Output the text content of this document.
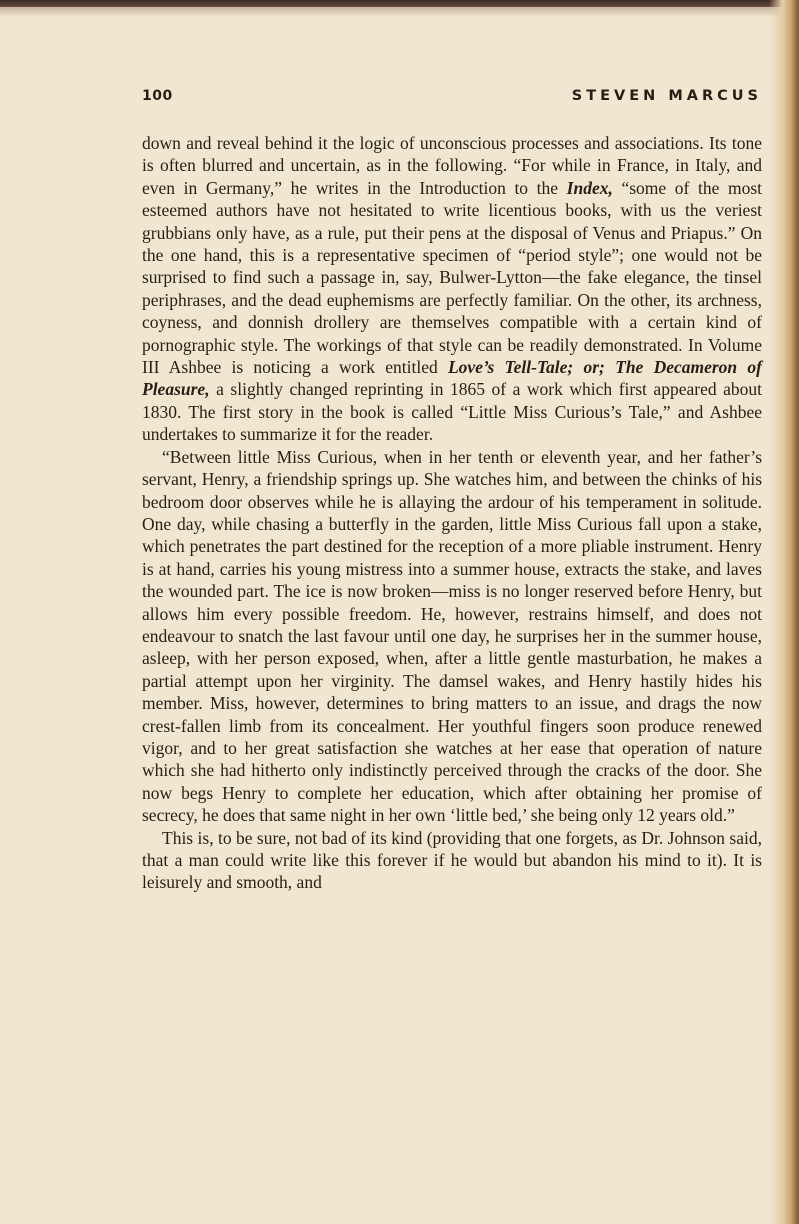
100	STEVEN MARCUS

down and reveal behind it the logic of unconscious processes and associations. Its tone is often blurred and uncertain, as in the following. “For while in France, in Italy, and even in Germany,” he writes in the Introduction to the Index, “some of the most esteemed authors have not hesitated to write licentious books, with us the veriest grubbians only have, as a rule, put their pens at the disposal of Venus and Priapus.” On the one hand, this is a representative specimen of “period style”; one would not be surprised to find such a passage in, say, Bulwer-Lytton—the fake elegance, the tinsel periphrases, and the dead euphemisms are perfectly familiar. On the other, its archness, coyness, and donnish drollery are themselves compatible with a certain kind of pornographic style. The workings of that style can be readily demonstrated. In Volume III Ashbee is noticing a work entitled Love’s Tell-Tale; or; The Decameron of Pleasure, a slightly changed reprinting in 1865 of a work which first appeared about 1830. The first story in the book is called “Little Miss Curious’s Tale,” and Ashbee undertakes to summarize it for the reader.

“Between little Miss Curious, when in her tenth or eleventh year, and her father’s servant, Henry, a friendship springs up. She watches him, and between the chinks of his bedroom door observes while he is allaying the ardour of his temperament in solitude. One day, while chasing a butterfly in the garden, little Miss Curious fall upon a stake, which penetrates the part destined for the reception of a more pliable instrument. Henry is at hand, carries his young mistress into a summer house, extracts the stake, and laves the wounded part. The ice is now broken—miss is no longer reserved before Henry, but allows him every possible freedom. He, however, restrains himself, and does not endeavour to snatch the last favour until one day, he surprises her in the summer house, asleep, with her person exposed, when, after a little gentle masturbation, he makes a partial attempt upon her virginity. The damsel wakes, and Henry hastily hides his member. Miss, however, determines to bring matters to an issue, and drags the now crest-fallen limb from its concealment. Her youthful fingers soon produce renewed vigor, and to her great satisfaction she watches at her ease that operation of nature which she had hitherto only indistinctly perceived through the cracks of the door. She now begs Henry to complete her education, which after obtaining her promise of secrecy, he does that same night in her own ‘little bed,’ she being only 12 years old.”

This is, to be sure, not bad of its kind (providing that one forgets, as Dr. Johnson said, that a man could write like this forever if he would but abandon his mind to it). It is leisurely and smooth, and
